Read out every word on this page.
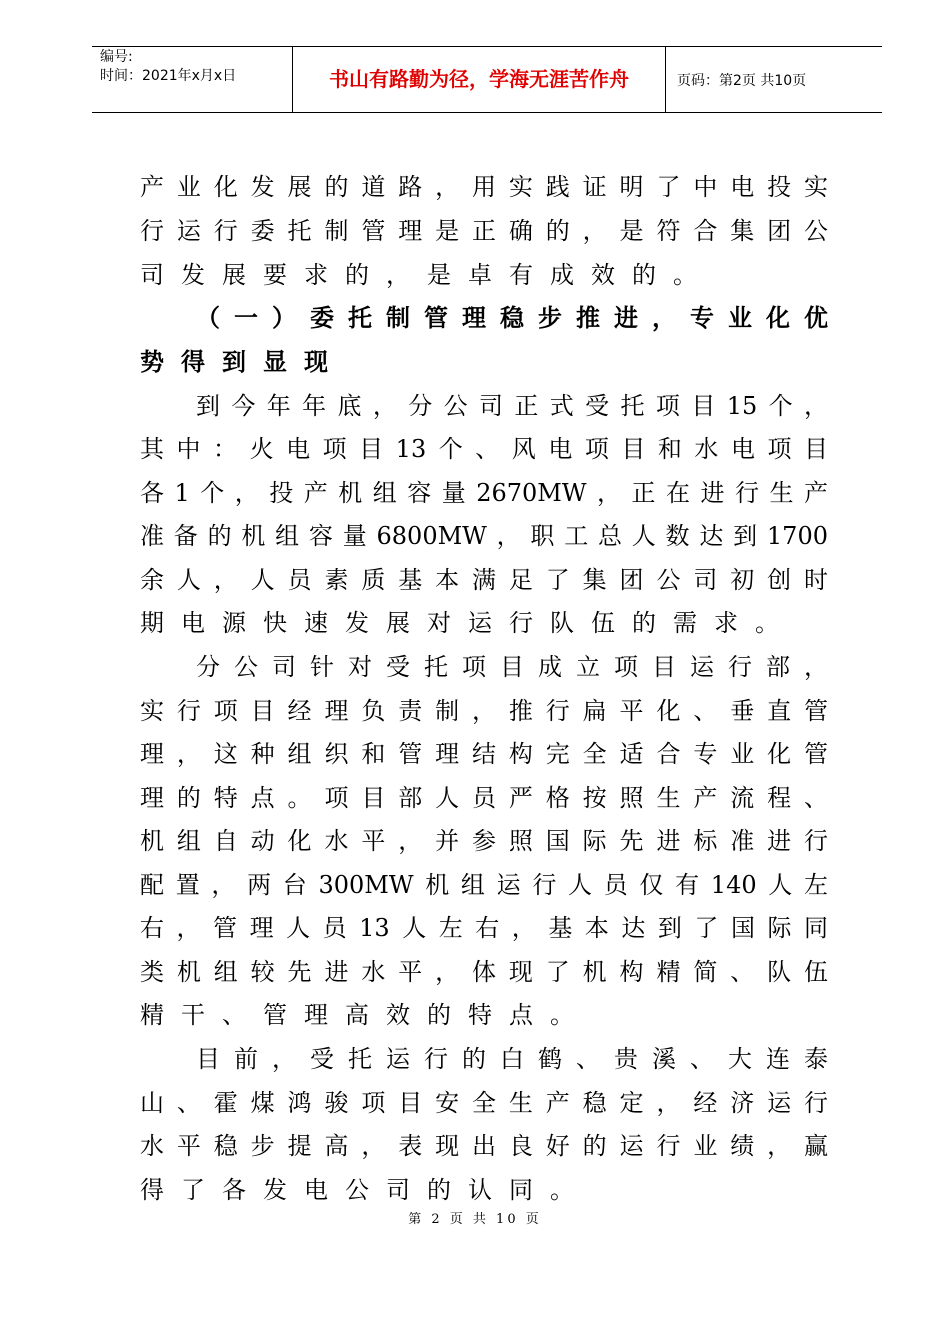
编号:
时间：2021年x月x日	书山有路勤为径，学海无涯苦作舟	页码：第2页 共10页
产业化发展的道路，用实践证明了中电投实
行运行委托制管理是正确的，是符合集团公
司发展要求的，是卓有成效的。
（一）委托制管理稳步推进，专业化优
势得到显现
到今年年底，分公司正式受托项目15个，
其中：火电项目13个、风电项目和水电项目
各1个，投产机组容量2670MW，正在进行生产
准备的机组容量6800MW，职工总人数达到1700
余人，人员素质基本满足了集团公司初创时
期电源快速发展对运行队伍的需求。
分公司针对受托项目成立项目运行部，
实行项目经理负责制，推行扁平化、垂直管
理，这种组织和管理结构完全适合专业化管
理的特点。项目部人员严格按照生产流程、
机组自动化水平，并参照国际先进标准进行
配置，两台300MW机组运行人员仅有140人左
右，管理人员13人左右，基本达到了国际同
类机组较先进水平，体现了机构精简、队伍
精干、管理高效的特点。
目前，受托运行的白鹤、贵溪、大连泰
山、霍煤鸿骏项目安全生产稳定，经济运行
水平稳步提高，表现出良好的运行业绩，赢
得了各发电公司的认同。
第 2 页 共 10 页
